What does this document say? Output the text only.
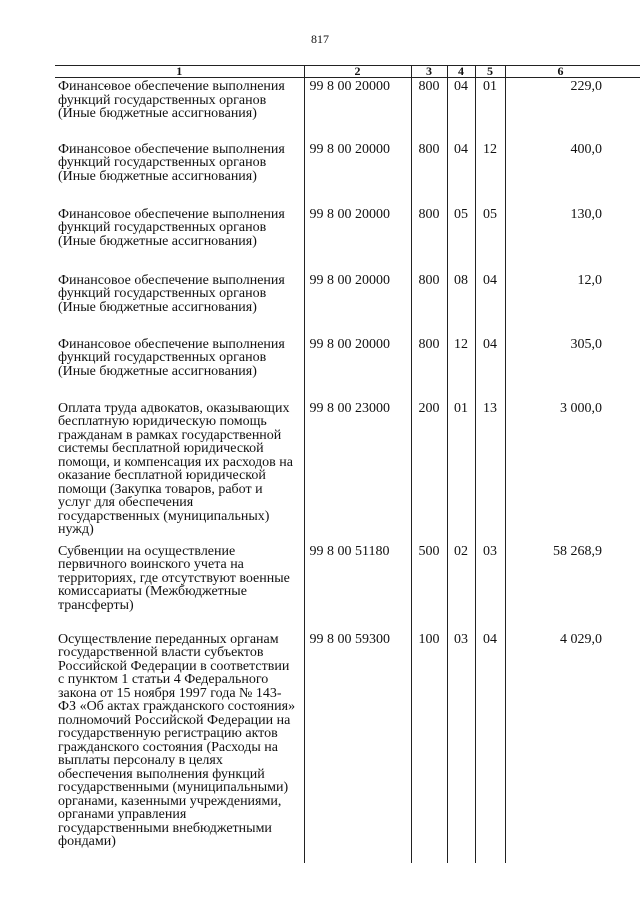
817
1	2	3	4	5	6
Финансовое обеспечение выполнения функций государственных органов (Иные бюджетные ассигнования)	99 8 00 20000	800	04	01	229,0
Финансовое обеспечение выполнения функций государственных органов (Иные бюджетные ассигнования)	99 8 00 20000	800	04	12	400,0
Финансовое обеспечение выполнения функций государственных органов (Иные бюджетные ассигнования)	99 8 00 20000	800	05	05	130,0
Финансовое обеспечение выполнения функций государственных органов (Иные бюджетные ассигнования)	99 8 00 20000	800	08	04	12,0
Финансовое обеспечение выполнения функций государственных органов (Иные бюджетные ассигнования)	99 8 00 20000	800	12	04	305,0
Оплата труда адвокатов, оказывающих бесплатную юридическую помощь гражданам в рамках государственной системы бесплатной юридической помощи, и компенсация их расходов на оказание бесплатной юридической помощи (Закупка товаров, работ и услуг для обеспечения государственных (муниципальных) нужд)	99 8 00 23000	200	01	13	3 000,0
Субвенции на осуществление первичного воинского учета на территориях, где отсутствуют военные комиссариаты (Межбюджетные трансферты)	99 8 00 51180	500	02	03	58 268,9
Осуществление переданных органам государственной власти субъектов Российской Федерации в соответствии с пунктом 1 статьи 4 Федерального закона от 15 ноября 1997 года № 143-ФЗ «Об актах гражданского состояния» полномочий Российской Федерации на государственную регистрацию актов гражданского состояния (Расходы на выплаты персоналу в целях обеспечения выполнения функций государственными (муниципальными) органами, казенными учреждениями, органами управления государственными внебюджетными фондами)	99 8 00 59300	100	03	04	4 029,0
